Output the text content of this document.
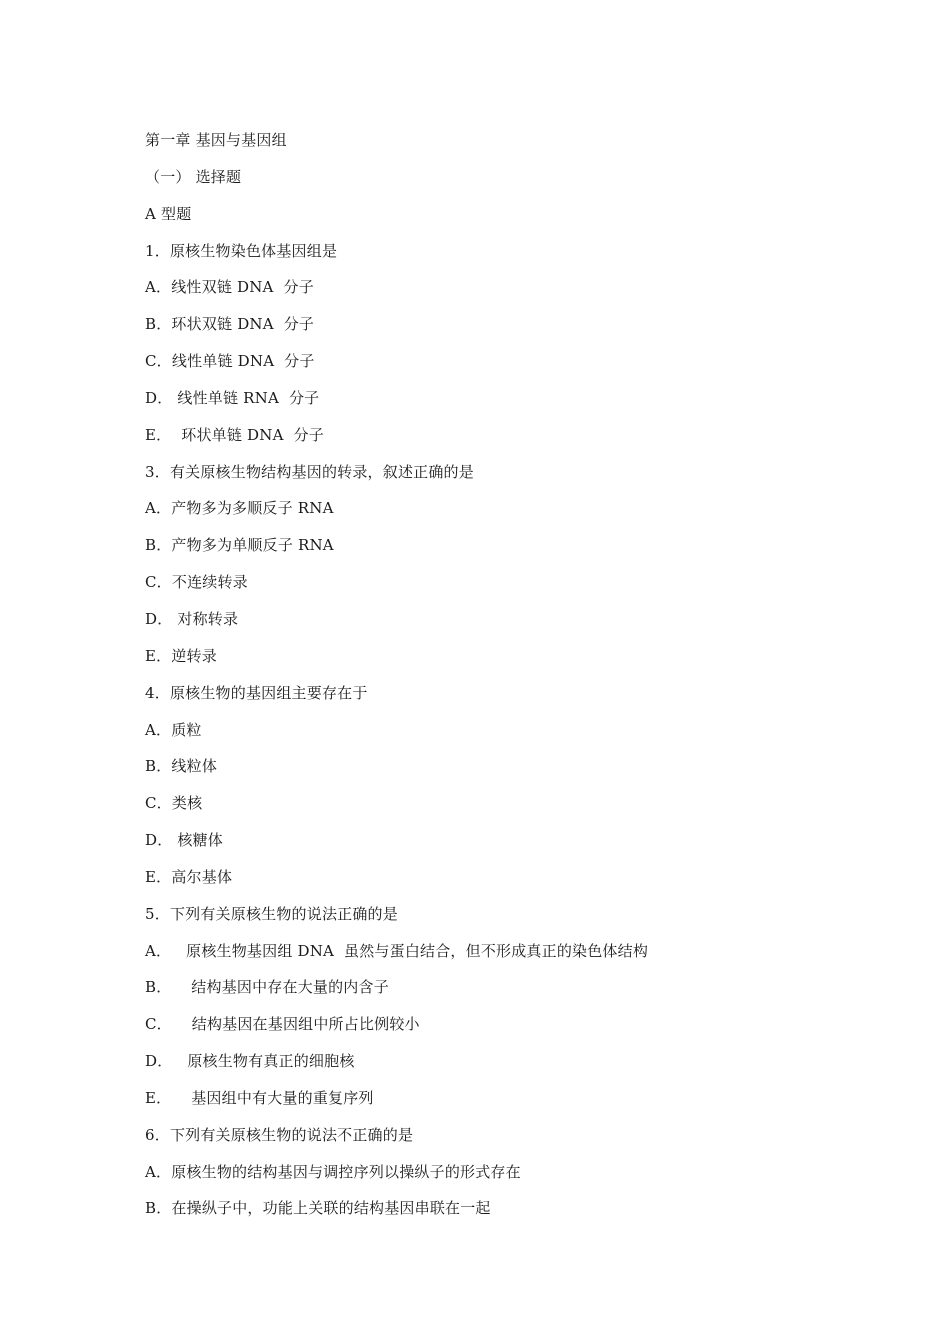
第一章 基因与基因组
（一） 选择题
A 型题
1．原核生物染色体基因组是
A．线性双链 DNA  分子
B．环状双链 DNA  分子
C．线性单链 DNA  分子
D． 线性单链 RNA  分子
E．  环状单链 DNA  分子
3．有关原核生物结构基因的转录，叙述正确的是
A．产物多为多顺反子 RNA
B．产物多为单顺反子 RNA
C．不连续转录
D． 对称转录
E．逆转录
4．原核生物的基因组主要存在于
A．质粒
B．线粒体
C．类核
D． 核糖体
E．高尔基体
5．下列有关原核生物的说法正确的是
A．   原核生物基因组 DNA  虽然与蛋白结合，但不形成真正的染色体结构
B．    结构基因中存在大量的内含子
C．    结构基因在基因组中所占比例较小
D．   原核生物有真正的细胞核
E．    基因组中有大量的重复序列
6．下列有关原核生物的说法不正确的是
A．原核生物的结构基因与调控序列以操纵子的形式存在
B．在操纵子中，功能上关联的结构基因串联在一起
